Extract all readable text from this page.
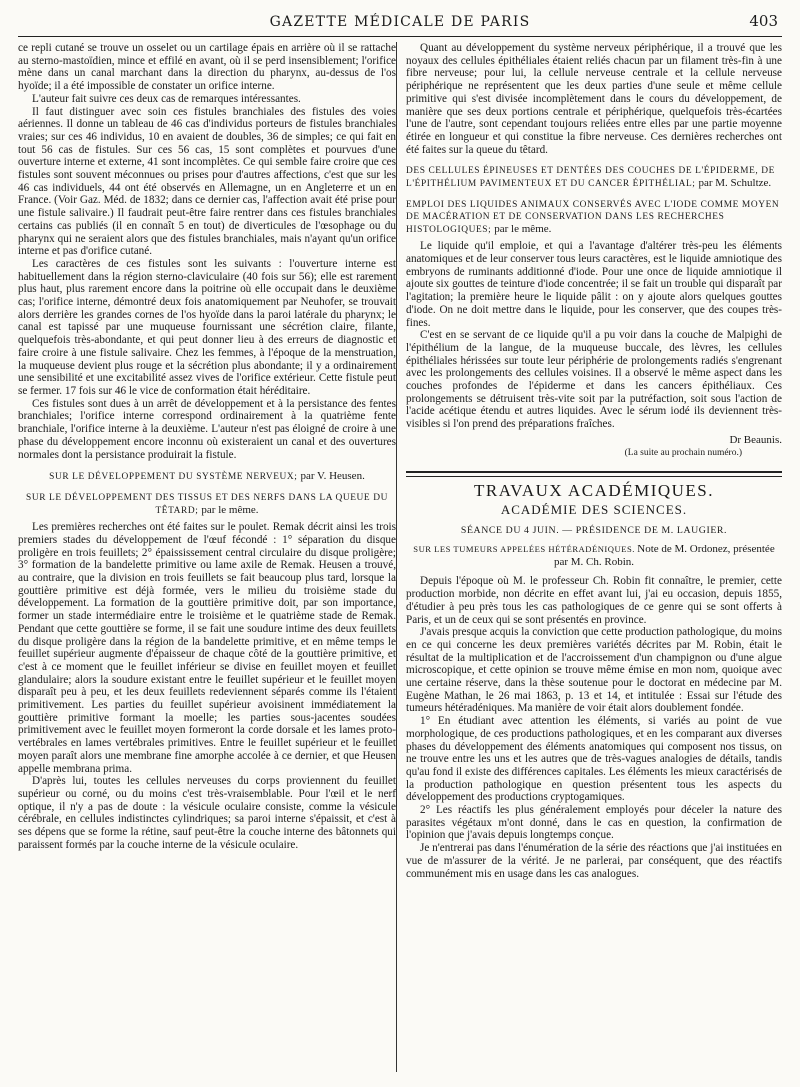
GAZETTE MÉDICALE DE PARIS	403

ce repli cutané se trouve un osselet ou un cartilage épais en arrière où il se rattache au sterno-mastoïdien, mince et effilé en avant, où il se perd insensiblement; l'orifice mène dans un canal marchant dans la direction du pharynx, au-dessus de l'os hyoïde; il a été impossible de constater un orifice interne.

L'auteur fait suivre ces deux cas de remarques intéressantes.

Il faut distinguer avec soin ces fistules branchiales des fistules des voies aériennes. Il donne un tableau de 46 cas d'individus porteurs de fistules branchiales vraies; sur ces 46 individus, 10 en avaient de doubles, 36 de simples; ce qui fait en tout 56 cas de fistules. Sur ces 56 cas, 15 sont complètes et pourvues d'une ouverture interne et externe, 41 sont incomplètes. Ce qui semble faire croire que ces fistules sont souvent méconnues ou prises pour d'autres affections, c'est que sur les 46 cas individuels, 44 ont été observés en Allemagne, un en Angleterre et un en France. (Voir Gaz. Méd. de 1832; dans ce dernier cas, l'affection avait été prise pour une fistule salivaire.) Il faudrait peut-être faire rentrer dans ces fistules branchiales certains cas publiés (il en connaît 5 en tout) de diverticules de l'œsophage ou du pharynx qui ne seraient alors que des fistules branchiales, mais n'ayant qu'un orifice interne et pas d'orifice cutané.

Les caractères de ces fistules sont les suivants : l'ouverture interne est habituellement dans la région sterno-claviculaire (40 fois sur 56); elle est rarement plus haut, plus rarement encore dans la poitrine où elle occupait dans le deuxième cas; l'orifice interne, démontré deux fois anatomiquement par Neuhofer, se trouvait alors derrière les grandes cornes de l'os hyoïde dans la paroi latérale du pharynx; le canal est tapissé par une muqueuse fournissant une sécrétion claire, filante, quelquefois très-abondante, et qui peut donner lieu à des erreurs de diagnostic et faire croire à une fistule salivaire. Chez les femmes, à l'époque de la menstruation, la muqueuse devient plus rouge et la sécrétion plus abondante; il y a ordinairement une sensibilité et une excitabilité assez vives de l'orifice extérieur. Cette fistule peut se fermer. 17 fois sur 46 le vice de conformation était héréditaire.

Ces fistules sont dues à un arrêt de développement et à la persistance des fentes branchiales; l'orifice interne correspond ordinairement à la quatrième fente branchiale, l'orifice interne à la deuxième. L'auteur n'est pas éloigné de croire à une phase du développement encore inconnu où existeraient un canal et des ouvertures normales dont la persistance produirait la fistule.

SUR LE DÉVELOPPEMENT DU SYSTÈME NERVEUX; par V. Heusen.
SUR LE DÉVELOPPEMENT DES TISSUS ET DES NERFS DANS LA QUEUE DU TÊTARD; par le même.

Les premières recherches ont été faites sur le poulet. Remak décrit ainsi les trois premiers stades du développement de l'œuf fécondé : 1° séparation du disque proligère en trois feuillets; 2° épaississement central circulaire du disque proligère; 3° formation de la bandelette primitive ou lame axile de Remak. Heusen a trouvé, au contraire, que la division en trois feuillets se fait beaucoup plus tard, lorsque la gouttière primitive est déjà formée, vers le milieu du troisième stade du développement. La formation de la gouttière primitive doit, par son importance, former un stade intermédiaire entre le troisième et le quatrième stade de Remak. Pendant que cette gouttière se forme, il se fait une soudure intime des deux feuillets du disque proligère dans la région de la bandelette primitive, et en même temps le feuillet supérieur augmente d'épaisseur de chaque côté de la gouttière primitive, et c'est à ce moment que le feuillet inférieur se divise en feuillet moyen et feuillet glandulaire; alors la soudure existant entre le feuillet supérieur et le feuillet moyen disparaît peu à peu, et les deux feuillets redeviennent séparés comme ils l'étaient primitivement. Les parties du feuillet supérieur avoisinent immédiatement la gouttière primitive formant la moelle; les parties sous-jacentes soudées primitivement avec le feuillet moyen formeront la corde dorsale et les lames proto-vertébrales en lames vertébrales primitives. Entre le feuillet supérieur et le feuillet moyen paraît alors une membrane fine amorphe accolée à ce dernier, et que Heusen appelle membrana prima.

D'après lui, toutes les cellules nerveuses du corps proviennent du feuillet supérieur ou corné, ou du moins c'est très-vraisemblable. Pour l'œil et le nerf optique, il n'y a pas de doute : la vésicule oculaire consiste, comme la vésicule cérébrale, en cellules indistinctes cylindriques; sa paroi interne s'épaissit, et c'est à ses dépens que se forme la rétine, sauf peut-être la couche interne des bâtonnets qui paraissent formés par la couche interne de la vésicule oculaire.

Quant au développement du système nerveux périphérique, il a trouvé que les noyaux des cellules épithéliales étaient reliés chacun par un filament très-fin à une fibre nerveuse; pour lui, la cellule nerveuse centrale et la cellule nerveuse périphérique ne représentent que les deux parties d'une seule et même cellule primitive qui s'est divisée incomplètement dans le cours du développement, de manière que ses deux portions centrale et périphérique, quelquefois très-écartées l'une de l'autre, sont cependant toujours reliées entre elles par une partie moyenne étirée en longueur et qui constitue la fibre nerveuse. Ces dernières recherches ont été faites sur la queue du têtard.

DES CELLULES ÉPINEUSES ET DENTÉES DES COUCHES DE L'ÉPIDERME, DE L'ÉPITHÉLIUM PAVIMENTEUX ET DU CANCER ÉPITHÉLIAL; par M. Schultze.
EMPLOI DES LIQUIDES ANIMAUX CONSERVÉS AVEC L'IODE COMME MOYEN DE MACÉRATION ET DE CONSERVATION DANS LES RECHERCHES HISTOLOGIQUES; par le même.

Le liquide qu'il emploie, et qui a l'avantage d'altérer très-peu les éléments anatomiques et de leur conserver tous leurs caractères, est le liquide amniotique des embryons de ruminants additionné d'iode. Pour une once de liquide amniotique il ajoute six gouttes de teinture d'iode concentrée; il se fait un trouble qui disparaît par l'agitation; la première heure le liquide pâlit : on y ajoute alors quelques gouttes d'iode. On ne doit mettre dans le liquide, pour les conserver, que des coupes très-fines.

C'est en se servant de ce liquide qu'il a pu voir dans la couche de Malpighi de l'épithélium de la langue, de la muqueuse buccale, des lèvres, les cellules épithéliales hérissées sur toute leur périphérie de prolongements radiés s'engrenant avec les prolongements des cellules voisines. Il a observé le même aspect dans les couches profondes de l'épiderme et dans les cancers épithéliaux. Ces prolongements se détruisent très-vite soit par la putréfaction, soit sous l'action de l'acide acétique étendu et autres liquides. Avec le sérum iodé ils deviennent très-visibles si l'on prend des préparations fraîches.

Dr Beaunis.
(La suite au prochain numéro.)
TRAVAUX ACADÉMIQUES.
ACADÉMIE DES SCIENCES.
SÉANCE DU 4 JUIN. — PRÉSIDENCE DE M. LAUGIER.
SUR LES TUMEURS APPELÉES HÉTÉRADÉNIQUES. Note de M. Ordonez, présentée par M. Ch. Robin.

Depuis l'époque où M. le professeur Ch. Robin fit connaître, le premier, cette production morbide, non décrite en effet avant lui, j'ai eu occasion, depuis 1855, d'étudier à peu près tous les cas pathologiques de ce genre qui se sont offerts à Paris, et un de ceux qui se sont présentés en province.

J'avais presque acquis la conviction que cette production pathologique, du moins en ce qui concerne les deux premières variétés décrites par M. Robin, était le résultat de la multiplication et de l'accroissement d'un champignon ou d'une algue microscopique, et cette opinion se trouve même émise en mon nom, quoique avec une certaine réserve, dans la thèse soutenue pour le doctorat en médecine par M. Eugène Mathan, le 26 mai 1863, p. 13 et 14, et intitulée : Essai sur l'étude des tumeurs hétéradéniques. Ma manière de voir était alors doublement fondée.

1° En étudiant avec attention les éléments, si variés au point de vue morphologique, de ces productions pathologiques, et en les comparant aux diverses phases du développement des éléments anatomiques qui composent nos tissus, on ne trouve entre les uns et les autres que de très-vagues analogies de détails, tandis qu'au fond il existe des différences capitales. Les éléments les mieux caractérisés de la production pathologique en question présentent tous les aspects du développement des productions cryptogamiques.

2° Les réactifs les plus généralement employés pour déceler la nature des parasites végétaux m'ont donné, dans le cas en question, la confirmation de l'opinion que j'avais depuis longtemps conçue.

Je n'entrerai pas dans l'énumération de la série des réactions que j'ai instituées en vue de m'assurer de la vérité. Je ne parlerai, par conséquent, que des réactifs communément mis en usage dans les cas analogues.
